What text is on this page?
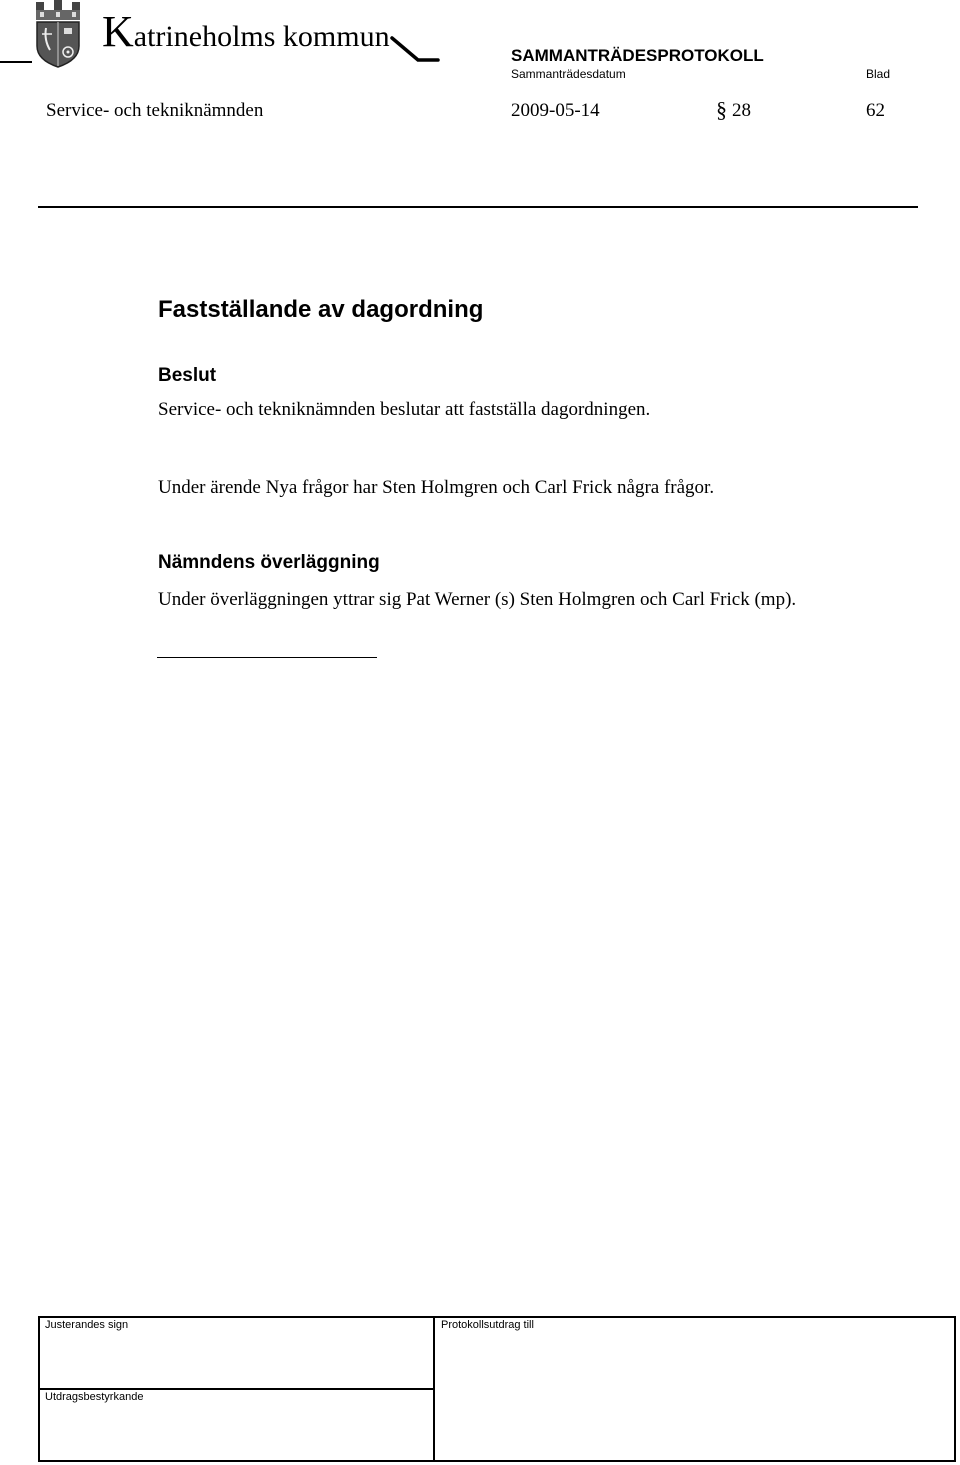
Katrineholms kommun
SAMMANTRÄDESPROTOKOLL
Sammanträdesdatum	Blad
Service- och tekniknämnden	2009-05-14	§ 28	62
Fastställande av dagordning
Beslut
Service- och tekniknämnden beslutar att fastställa dagordningen.
Under ärende Nya frågor har Sten Holmgren och Carl Frick några frågor.
Nämndens överläggning
Under överläggningen yttrar sig Pat Werner (s) Sten Holmgren och Carl Frick (mp).
Justerandes sign	Protokollsutdrag till
Utdragsbestyrkande
